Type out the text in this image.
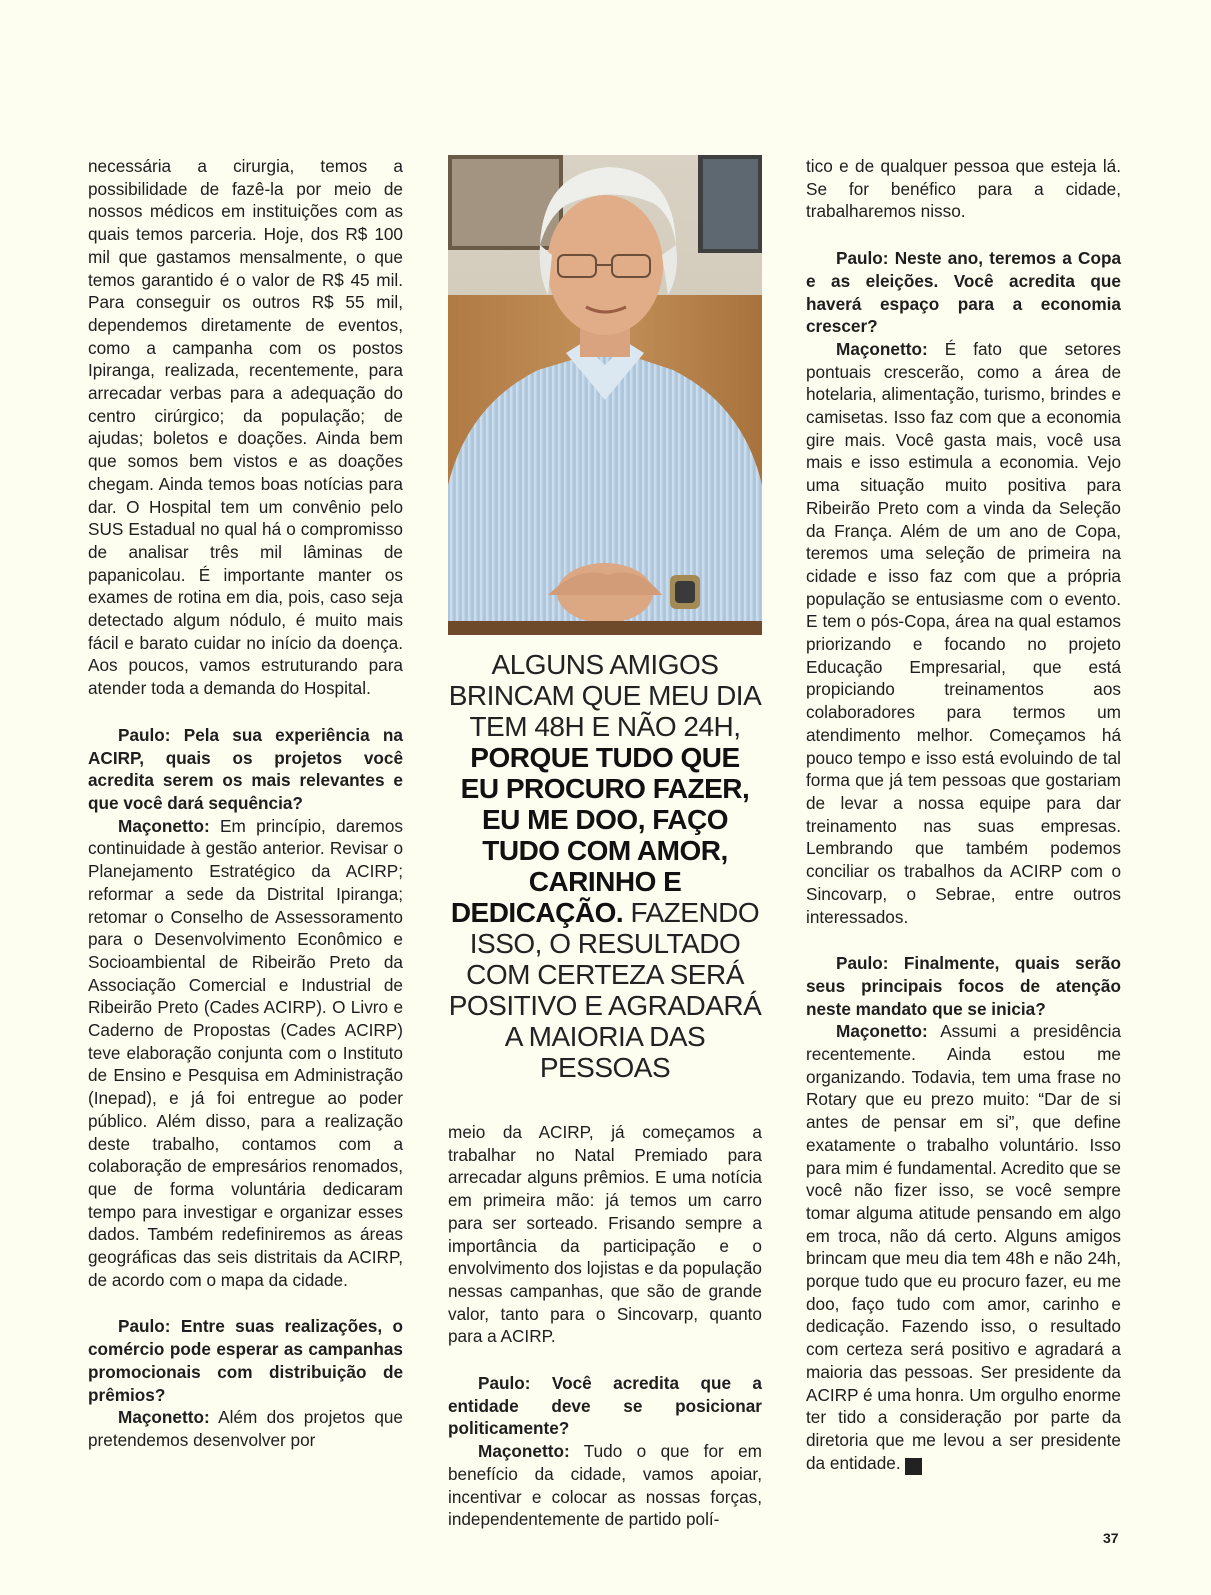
necessária a cirurgia, temos a possibilidade de fazê-la por meio de nossos médicos em instituições com as quais temos parceria. Hoje, dos R$ 100 mil que gastamos mensalmente, o que temos garantido é o valor de R$ 45 mil. Para conseguir os outros R$ 55 mil, dependemos diretamente de eventos, como a campanha com os postos Ipiranga, realizada, recentemente, para arrecadar verbas para a adequação do centro cirúrgico; da população; de ajudas; boletos e doações. Ainda bem que somos bem vistos e as doações chegam. Ainda temos boas notícias para dar. O Hospital tem um convênio pelo SUS Estadual no qual há o compromisso de analisar três mil lâminas de papanicolau. É importante manter os exames de rotina em dia, pois, caso seja detectado algum nódulo, é muito mais fácil e barato cuidar no início da doença. Aos poucos, vamos estruturando para atender toda a demanda do Hospital.

Paulo: Pela sua experiência na ACIRP, quais os projetos você acredita serem os mais relevantes e que você dará sequência?

Maçonetto: Em princípio, daremos continuidade à gestão anterior. Revisar o Planejamento Estratégico da ACIRP; reformar a sede da Distrital Ipiranga; retomar o Conselho de Assessoramento para o Desenvolvimento Econômico e Socioambiental de Ribeirão Preto da Associação Comercial e Industrial de Ribeirão Preto (Cades ACIRP). O Livro e Caderno de Propostas (Cades ACIRP) teve elaboração conjunta com o Instituto de Ensino e Pesquisa em Administração (Inepad), e já foi entregue ao poder público. Além disso, para a realização deste trabalho, contamos com a colaboração de empresários renomados, que de forma voluntária dedicaram tempo para investigar e organizar esses dados. Também redefiniremos as áreas geográficas das seis distritais da ACIRP, de acordo com o mapa da cidade.

Paulo: Entre suas realizações, o comércio pode esperar as campanhas promocionais com distribuição de prêmios?

Maçonetto: Além dos projetos que pretendemos desenvolver por

ALGUNS AMIGOS BRINCAM QUE MEU DIA TEM 48H E NÃO 24H, PORQUE TUDO QUE EU PROCURO FAZER, EU ME DOO, FAÇO TUDO COM AMOR, CARINHO E DEDICAÇÃO. FAZENDO ISSO, O RESULTADO COM CERTEZA SERÁ POSITIVO E AGRADARÁ A MAIORIA DAS PESSOAS

meio da ACIRP, já começamos a trabalhar no Natal Premiado para arrecadar alguns prêmios. E uma notícia em primeira mão: já temos um carro para ser sorteado. Frisando sempre a importância da participação e o envolvimento dos lojistas e da população nessas campanhas, que são de grande valor, tanto para o Sincovarp, quanto para a ACIRP.

Paulo: Você acredita que a entidade deve se posicionar politicamente?

Maçonetto: Tudo o que for em benefício da cidade, vamos apoiar, incentivar e colocar as nossas forças, independentemente de partido polí-

tico e de qualquer pessoa que esteja lá. Se for benéfico para a cidade, trabalharemos nisso.

Paulo: Neste ano, teremos a Copa e as eleições. Você acredita que haverá espaço para a economia crescer?

Maçonetto: É fato que setores pontuais crescerão, como a área de hotelaria, alimentação, turismo, brindes e camisetas. Isso faz com que a economia gire mais. Você gasta mais, você usa mais e isso estimula a economia. Vejo uma situação muito positiva para Ribeirão Preto com a vinda da Seleção da França. Além de um ano de Copa, teremos uma seleção de primeira na cidade e isso faz com que a própria população se entusiasme com o evento. E tem o pós-Copa, área na qual estamos priorizando e focando no projeto Educação Empresarial, que está propiciando treinamentos aos colaboradores para termos um atendimento melhor. Começamos há pouco tempo e isso está evoluindo de tal forma que já tem pessoas que gostariam de levar a nossa equipe para dar treinamento nas suas empresas. Lembrando que também podemos conciliar os trabalhos da ACIRP com o Sincovarp, o Sebrae, entre outros interessados.

Paulo: Finalmente, quais serão seus principais focos de atenção neste mandato que se inicia?

Maçonetto: Assumi a presidência recentemente. Ainda estou me organizando. Todavia, tem uma frase no Rotary que eu prezo muito: “Dar de si antes de pensar em si”, que define exatamente o trabalho voluntário. Isso para mim é fundamental. Acredito que se você não fizer isso, se você sempre tomar alguma atitude pensando em algo em troca, não dá certo. Alguns amigos brincam que meu dia tem 48h e não 24h, porque tudo que eu procuro fazer, eu me doo, faço tudo com amor, carinho e dedicação. Fazendo isso, o resultado com certeza será positivo e agradará a maioria das pessoas. Ser presidente da ACIRP é uma honra. Um orgulho enorme ter tido a consideração por parte da diretoria que me levou a ser presidente da entidade.	r

37
